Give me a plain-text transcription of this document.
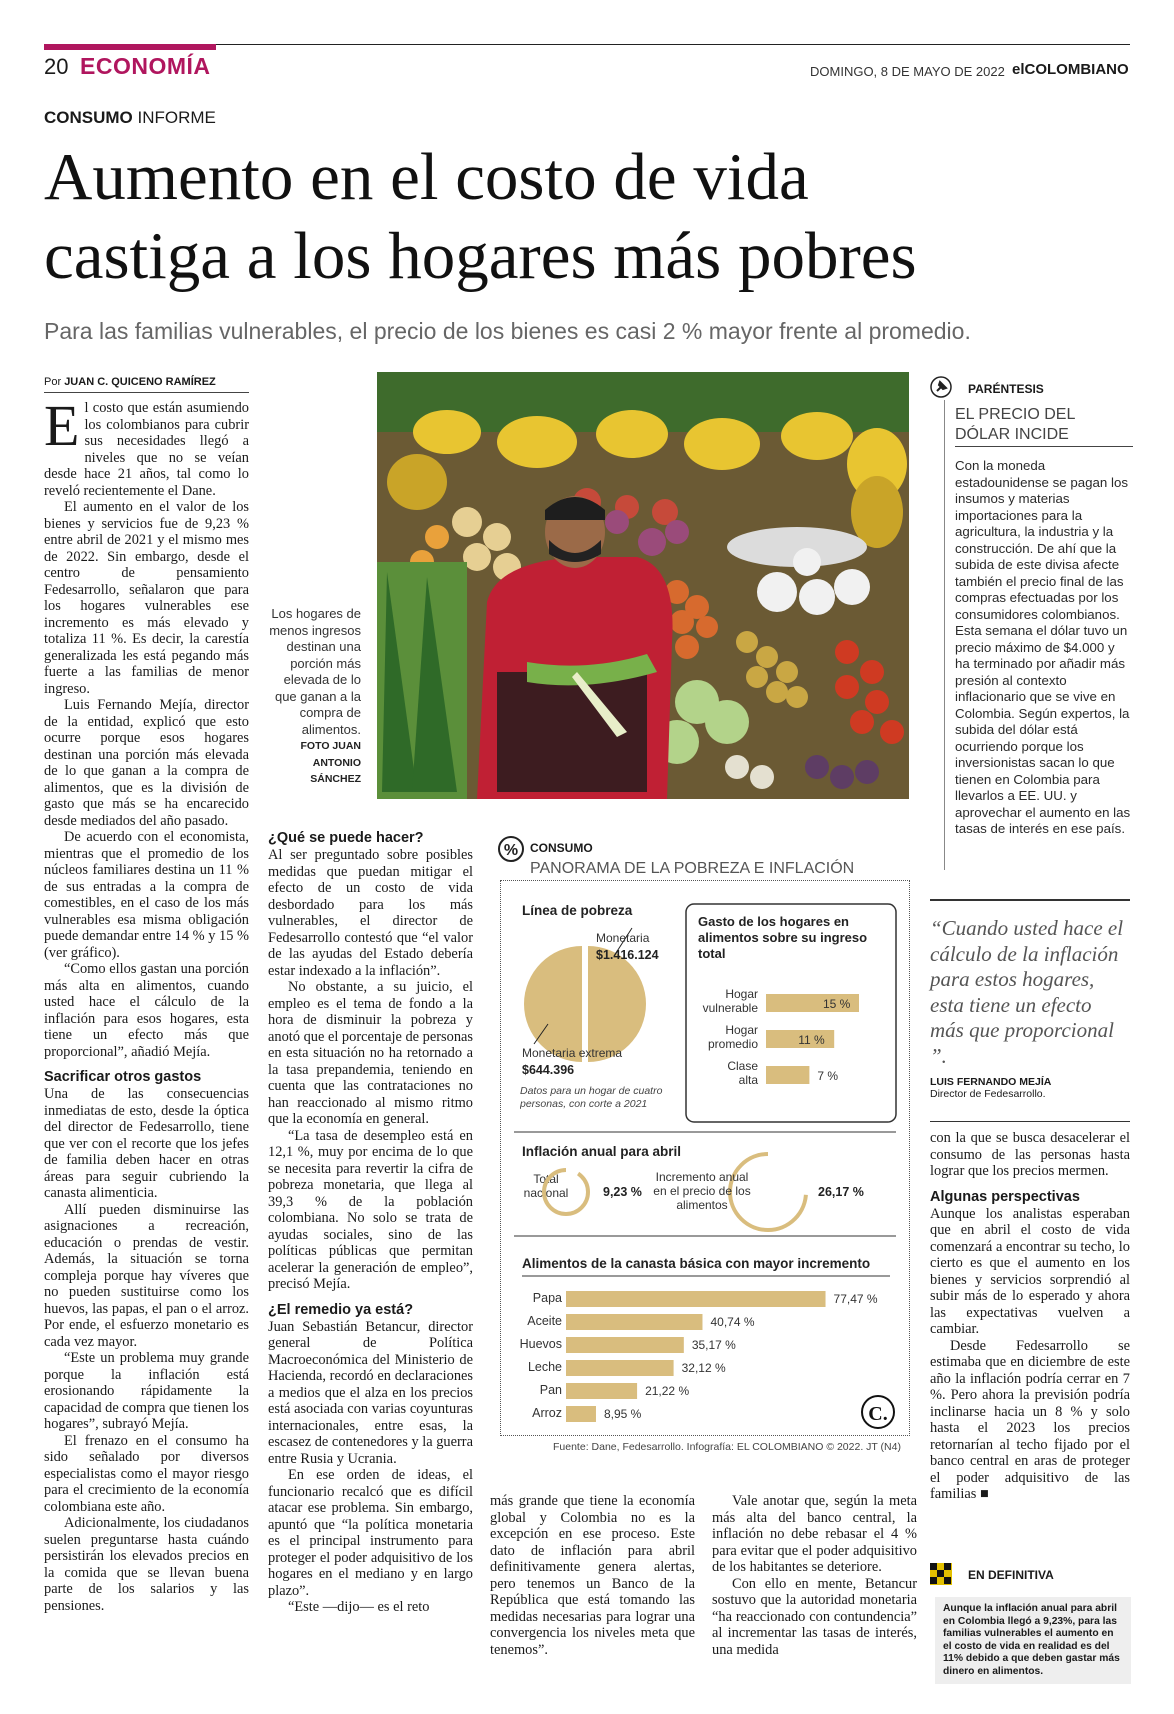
20 ECONOMÍA	DOMINGO, 8 DE MAYO DE 2022 elCOLOMBIANO
CONSUMO INFORME
Aumento en el costo de vida
castiga a los hogares más pobres
Para las familias vulnerables, el precio de los bienes es casi 2 % mayor frente al promedio.
Por JUAN C. QUICENO RAMÍREZ
E l costo que están asumiendo los colombianos para cubrir sus necesidades llegó a niveles que no se veían desde hace 21 años, tal como lo reveló recientemente el Dane.

El aumento en el valor de los bienes y servicios fue de 9,23 % entre abril de 2021 y el mismo mes de 2022. Sin embargo, desde el centro de pensamiento Fedesarrollo, señalaron que para los hogares vulnerables ese incremento es más elevado y totaliza 11 %. Es decir, la carestía generalizada les está pegando más fuerte a las familias de menor ingreso.

Luis Fernando Mejía, director de la entidad, explicó que esto ocurre porque esos hogares destinan una porción más elevada de lo que ganan a la compra de alimentos, que es la división de gasto que más se ha encarecido desde mediados del año pasado.

De acuerdo con el economista, mientras que el promedio de los núcleos familiares destina un 11 % de sus entradas a la compra de comestibles, en el caso de los más vulnerables esa misma obligación puede demandar entre 14 % y 15 % (ver gráfico).

“Como ellos gastan una porción más alta en alimentos, cuando usted hace el cálculo de la inflación para esos hogares, esta tiene un efecto más que proporcional”, añadió Mejía.

Sacrificar otros gastos

Una de las consecuencias inmediatas de esto, desde la óptica del director de Fedesarrollo, tiene que ver con el recorte que los jefes de familia deben hacer en otras áreas para seguir cubriendo la canasta alimenticia.

Allí pueden disminuirse las asignaciones a recreación, educación o prendas de vestir. Además, la situación se torna compleja porque hay víveres que no pueden sustituirse como los huevos, las papas, el pan o el arroz. Por ende, el esfuerzo monetario es cada vez mayor.

“Este un problema muy grande porque la inflación está erosionando rápidamente la capacidad de compra que tienen los hogares”, subrayó Mejía.

El frenazo en el consumo ha sido señalado por diversos especialistas como el mayor riesgo para el crecimiento de la economía colombiana este año.

Adicionalmente, los ciudadanos suelen preguntarse hasta cuándo persistirán los elevados precios en la comida que se llevan buena parte de los salarios y las pensiones.

Los hogares de menos ingresos destinan una porción más elevada de lo que ganan a la compra de alimentos.
FOTO JUAN
ANTONIO
SÁNCHEZ
¿Qué se puede hacer?

Al ser preguntado sobre posibles medidas que puedan mitigar el efecto de un costo de vida desbordado para los más vulnerables, el director de Fedesarrollo contestó que “el valor de las ayudas del Estado debería estar indexado a la inflación”.

No obstante, a su juicio, el empleo es el tema de fondo a la hora de disminuir la pobreza y anotó que el porcentaje de personas en esta situación no ha retornado a la tasa prepandemia, teniendo en cuenta que las contrataciones no han reaccionado al mismo ritmo que la economía en general.

“La tasa de desempleo está en 12,1 %, muy por encima de lo que se necesita para revertir la cifra de pobreza monetaria, que llega al 39,3 % de la población colombiana. No solo se trata de ayudas sociales, sino de las políticas públicas que permitan acelerar la generación de empleo”, precisó Mejía.

¿El remedio ya está?

Juan Sebastián Betancur, director general de Política Macroeconómica del Ministerio de Hacienda, recordó en declaraciones a medios que el alza en los precios está asociada con varias coyunturas internacionales, entre esas, la escasez de contenedores y la guerra entre Rusia y Ucrania.

En ese orden de ideas, el funcionario recalcó que es difícil atacar ese problema. Sin embargo, apuntó que “la política monetaria es el principal instrumento para proteger el poder adquisitivo de los hogares en el mediano y en largo plazo”.

“Este —dijo— es el reto

% CONSUMO
PANORAMA DE LA POBREZA E INFLACIÓN
Línea de pobreza
Monetaria
$1.416.124
Monetaria extrema
$644.396
Datos para un hogar de cuatro personas, con corte a 2021
Gasto de los hogares en alimentos sobre su ingreso total
Hogar
vulnerable	15 %
Hogar
promedio	11 %
Clase
alta	7 %
Inflación anual para abril
Total nacional	9,23 %
Incremento anual en el precio de los alimentos
26,17 %
Alimentos de la canasta básica con mayor incremento
Papa	77,47 %
Aceite	40,74 %
Huevos	35,17 %
Leche	32,12 %
Pan	21,22 %
Arroz	8,95 %	C.
Fuente: Dane, Fedesarrollo. Infografía: EL COLOMBIANO © 2022. JT (N4)

más grande que tiene la economía global y Colombia no es la excepción en ese proceso. Este dato de inflación para abril definitivamente genera alertas, pero tenemos un Banco de la República que está tomando las medidas necesarias para lograr una convergencia los niveles meta que tenemos”.

Vale anotar que, según la meta más alta del banco central, la inflación no debe rebasar el 4 % para evitar que el poder adquisitivo de los habitantes se deteriore.

Con ello en mente, Betancur sostuvo que la autoridad monetaria “ha reaccionado con contundencia” al incrementar las tasas de interés, una medida

PARÉNTESIS
EL PRECIO DEL DÓLAR INCIDE
Con la moneda estadounidense se pagan los insumos y materias importaciones para la agricultura, la industria y la construcción. De ahí que la subida de este divisa afecte también el precio final de las compras efectuadas por los consumidores colombianos. Esta semana el dólar tuvo un precio máximo de $4.000 y ha terminado por añadir más presión al contexto inflacionario que se vive en Colombia. Según expertos, la subida del dólar está ocurriendo porque los inversionistas sacan lo que tienen en Colombia para llevarlos a EE. UU. y aprovechar el aumento en las tasas de interés en ese país.
“Cuando usted hace el cálculo de la inflación para estos hogares, esta tiene un efecto más que proporcional ”.
LUIS FERNANDO MEJÍA
Director de Fedesarrollo.

con la que se busca desacelerar el consumo de las personas hasta lograr que los precios mermen.

Algunas perspectivas

Aunque los analistas esperaban que en abril el costo de vida comenzará a encontrar su techo, lo cierto es que el aumento en los bienes y servicios sorprendió al subir más de lo esperado y ahora las expectativas vuelven a cambiar.

Desde Fedesarrollo se estimaba que en diciembre de este año la inflación podría cerrar en 7 %. Pero ahora la previsión podría inclinarse hacia un 8 % y solo hasta el 2023 los precios retornarían al techo fijado por el banco central en aras de proteger el poder adquisitivo de las familias ■

EN DEFINITIVA
Aunque la inflación anual para abril en Colombia llegó a 9,23%, para las familias vulnerables el aumento en el costo de vida en realidad es del 11% debido a que deben gastar más dinero en alimentos.
